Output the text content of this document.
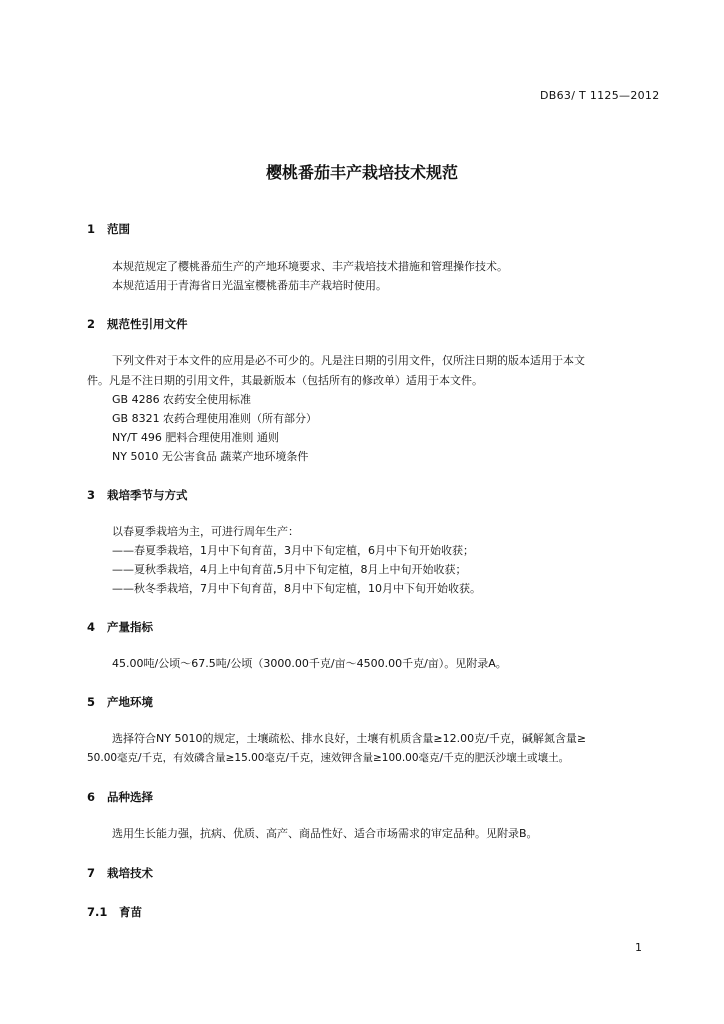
DB63/ T 1125—2012
樱桃番茄丰产栽培技术规范
1 范围
本规范规定了樱桃番茄生产的产地环境要求、丰产栽培技术措施和管理操作技术。
本规范适用于青海省日光温室樱桃番茄丰产栽培时使用。
2 规范性引用文件
下列文件对于本文件的应用是必不可少的。凡是注日期的引用文件，仅所注日期的版本适用于本文
件。凡是不注日期的引用文件，其最新版本（包括所有的修改单）适用于本文件。
GB 4286 农药安全使用标准
GB 8321 农药合理使用准则（所有部分）
NY/T 496 肥料合理使用准则 通则
NY 5010 无公害食品 蔬菜产地环境条件
3 栽培季节与方式
以春夏季栽培为主，可进行周年生产：
——春夏季栽培，1月中下旬育苗，3月中下旬定植，6月中下旬开始收获；
——夏秋季栽培，4月上中旬育苗,5月中下旬定植，8月上中旬开始收获；
——秋冬季栽培，7月中下旬育苗，8月中下旬定植，10月中下旬开始收获。
4 产量指标
45.00吨/公顷～67.5吨/公顷（3000.00千克/亩～4500.00千克/亩）。见附录A。
5 产地环境
选择符合NY 5010的规定，土壤疏松、排水良好，土壤有机质含量≥12.00克/千克，碱解氮含量≥
50.00毫克/千克，有效磷含量≥15.00毫克/千克，速效钾含量≥100.00毫克/千克的肥沃沙壤土或壤土。
6 品种选择
选用生长能力强，抗病、优质、高产、商品性好、适合市场需求的审定品种。见附录B。
7 栽培技术
7.1 育苗
1
